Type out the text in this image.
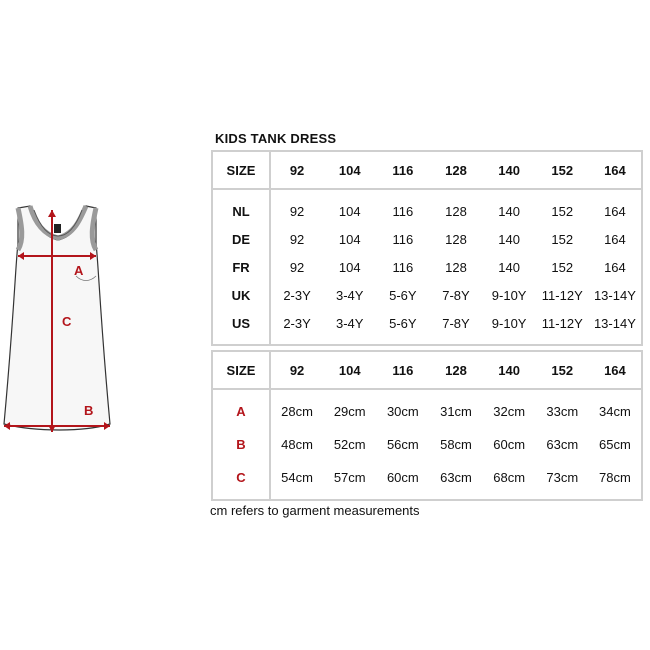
A
C
B
KIDS TANK DRESS
SIZE	92	104	116	128	140	152	164

NL	92	104	116	128	140	152	164
DE	92	104	116	128	140	152	164
FR	92	104	116	128	140	152	164
UK	2-3Y	3-4Y	5-6Y	7-8Y	9-10Y	11-12Y	13-14Y
US	2-3Y	3-4Y	5-6Y	7-8Y	9-10Y	11-12Y	13-14Y

SIZE	92	104	116	128	140	152	164

A	28cm	29cm	30cm	31cm	32cm	33cm	34cm
B	48cm	52cm	56cm	58cm	60cm	63cm	65cm
C	54cm	57cm	60cm	63cm	68cm	73cm	78cm

cm refers to garment measurements
